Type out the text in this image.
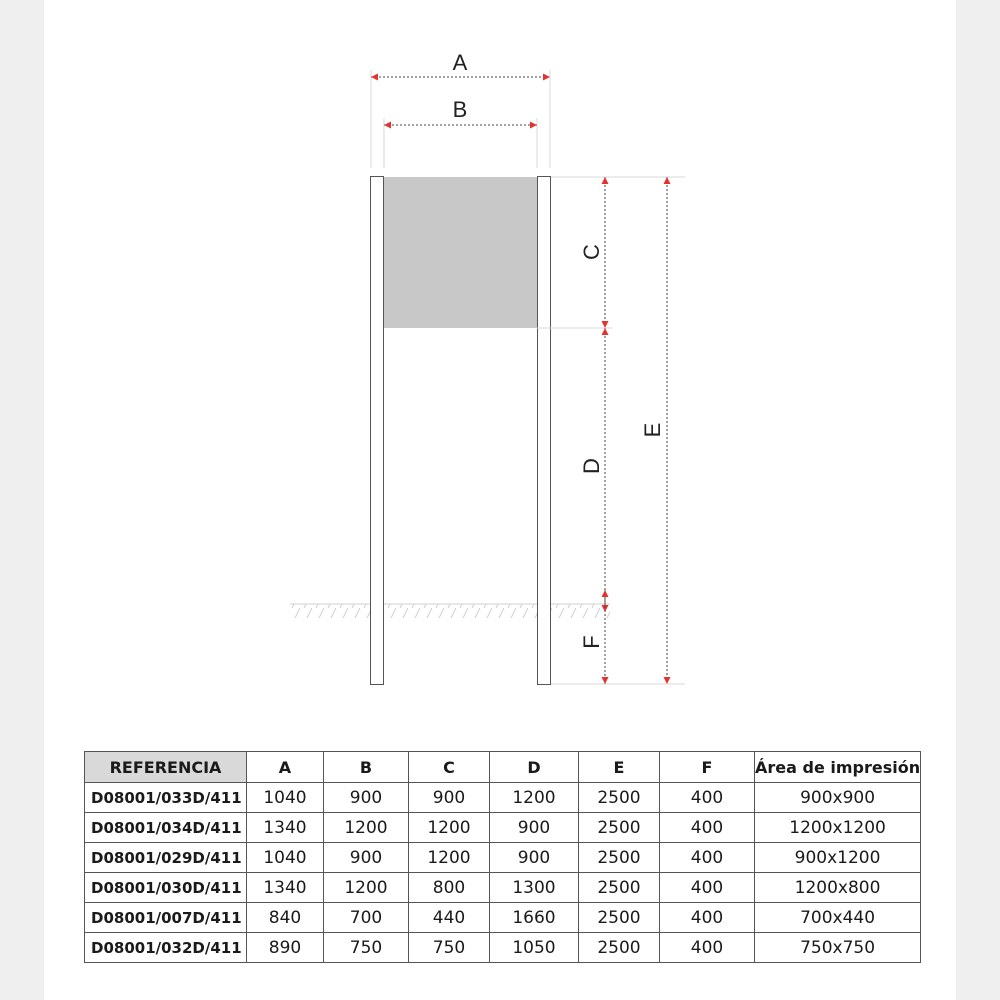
A
B
C
D
E
F
REFERENCIA	A	B	C	D	E	F	Área de impresión
D08001/033D/411	1040	900	900	1200	2500	400	900x900
D08001/034D/411	1340	1200	1200	900	2500	400	1200x1200
D08001/029D/411	1040	900	1200	900	2500	400	900x1200
D08001/030D/411	1340	1200	800	1300	2500	400	1200x800
D08001/007D/411	840	700	440	1660	2500	400	700x440
D08001/032D/411	890	750	750	1050	2500	400	750x750
